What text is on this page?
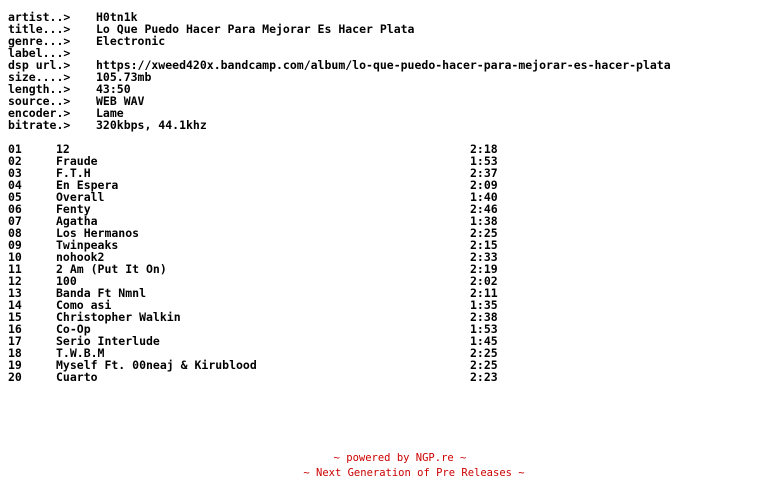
artist..>	H0tn1k
title...>	Lo Que Puedo Hacer Para Mejorar Es Hacer Plata
genre...>	Electronic
label...>
dsp url.>	https://xweed420x.bandcamp.com/album/lo-que-puedo-hacer-para-mejorar-es-hacer-plata
size....>	105.73mb
length..>	43:50
source..>	WEB WAV
encoder.>	Lame
bitrate.>	320kbps, 44.1khz
01	12	2:18
02	Fraude	1:53
03	F.T.H	2:37
04	En Espera	2:09
05	Overall	1:40
06	Fenty	2:46
07	Agatha	1:38
08	Los Hermanos	2:25
09	Twinpeaks	2:15
10	nohook2	2:33
11	2 Am (Put It On)	2:19
12	100	2:02
13	Banda Ft Nmnl	2:11
14	Como asi	1:35
15	Christopher Walkin	2:38
16	Co-Op	1:53
17	Serio Interlude	1:45
18	T.W.B.M	2:25
19	Myself Ft. 00neaj & Kirublood	2:25
20	Cuarto	2:23
~ powered by NGP.re ~
~ Next Generation of Pre Releases ~
